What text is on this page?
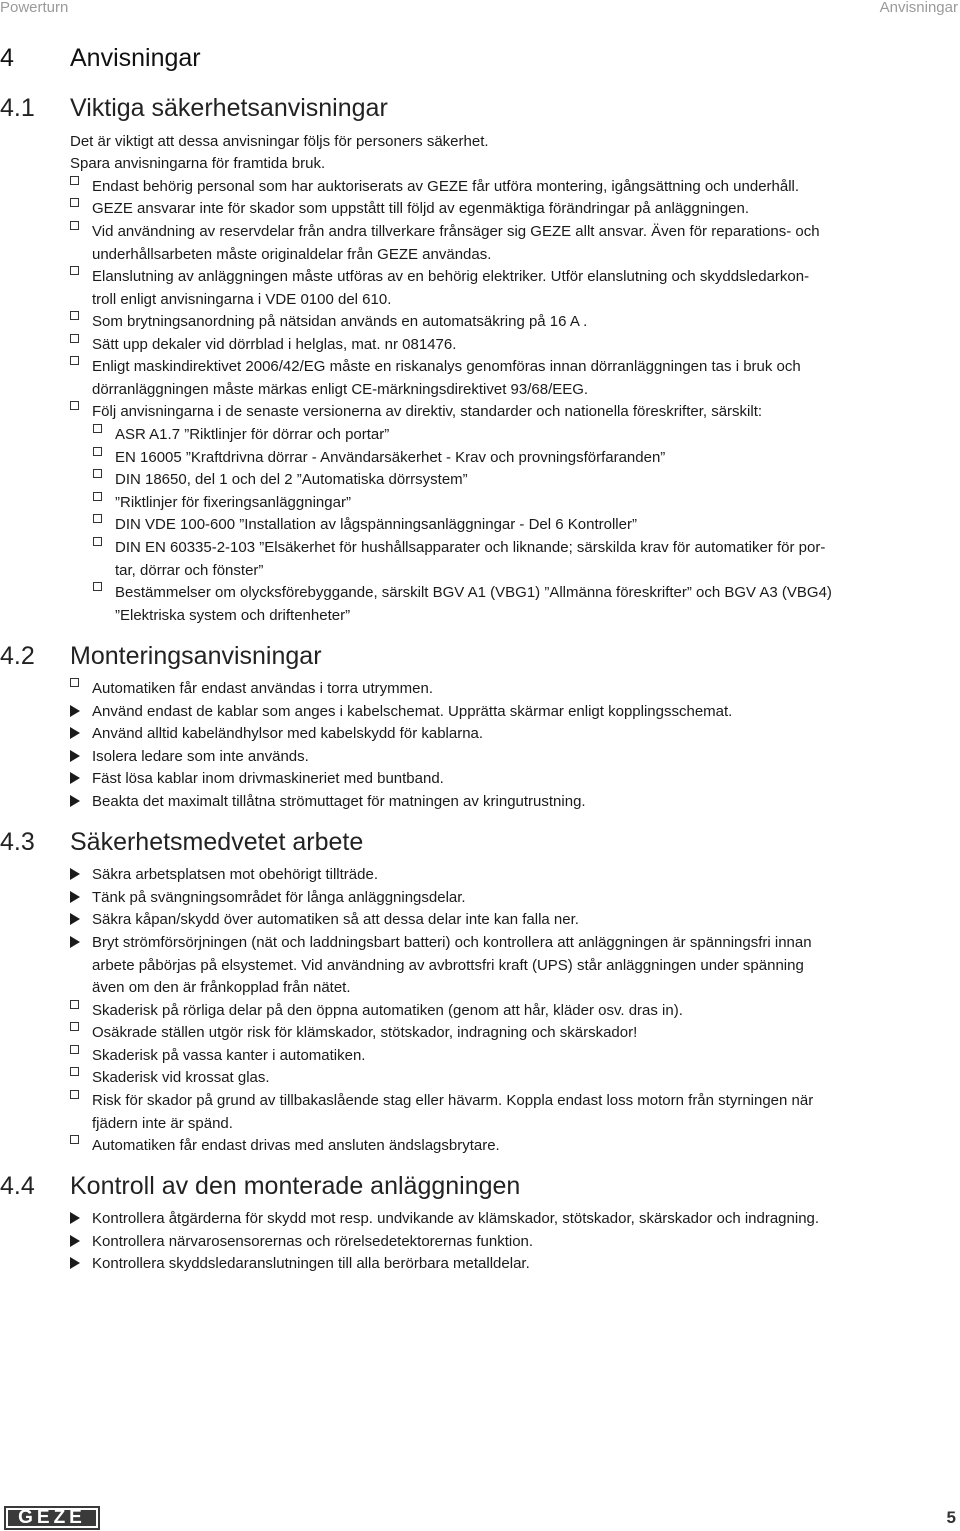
Powerturn	Anvisningar
4 Anvisningar
4.1 Viktiga säkerhetsanvisningar
Det är viktigt att dessa anvisningar följs för personers säkerhet.
Spara anvisningarna för framtida bruk.
Endast behörig personal som har auktoriserats av GEZE får utföra montering, igångsättning och underhåll.
GEZE ansvarar inte för skador som uppstått till följd av egenmäktiga förändringar på anläggningen.
Vid användning av reservdelar från andra tillverkare frånsäger sig GEZE allt ansvar. Även för reparations- och
underhållsarbeten måste originaldelar från GEZE användas.
Elanslutning av anläggningen måste utföras av en behörig elektriker. Utför elanslutning och skyddsledarkon-
troll enligt anvisningarna i VDE 0100 del 610.
Som brytningsanordning på nätsidan används en automatsäkring på 16 A .
Sätt upp dekaler vid dörrblad i helglas, mat. nr 081476.
Enligt maskindirektivet 2006/42/EG måste en riskanalys genomföras innan dörranläggningen tas i bruk och
dörranläggningen måste märkas enligt CE-märkningsdirektivet 93/68/EEG.
Följ anvisningarna i de senaste versionerna av direktiv, standarder och nationella föreskrifter, särskilt:
ASR A1.7 ”Riktlinjer för dörrar och portar”
EN 16005 ”Kraftdrivna dörrar - Användarsäkerhet - Krav och provningsförfaranden”
DIN 18650, del 1 och del 2 ”Automatiska dörrsystem”
”Riktlinjer för fixeringsanläggningar”
DIN VDE 100-600 ”Installation av lågspänningsanläggningar - Del 6 Kontroller”
DIN EN 60335-2-103 ”Elsäkerhet för hushållsapparater och liknande; särskilda krav för automatiker för por-
tar, dörrar och fönster”
Bestämmelser om olycksförebyggande, särskilt BGV A1 (VBG1) ”Allmänna föreskrifter” och BGV A3 (VBG4)
”Elektriska system och driftenheter”
4.2 Monteringsanvisningar
Automatiken får endast användas i torra utrymmen.
Använd endast de kablar som anges i kabelschemat. Upprätta skärmar enligt kopplingsschemat.
Använd alltid kabeländhylsor med kabelskydd för kablarna.
Isolera ledare som inte används.
Fäst lösa kablar inom drivmaskineriet med buntband.
Beakta det maximalt tillåtna strömuttaget för matningen av kringutrustning.
4.3 Säkerhetsmedvetet arbete
Säkra arbetsplatsen mot obehörigt tillträde.
Tänk på svängningsområdet för långa anläggningsdelar.
Säkra kåpan/skydd över automatiken så att dessa delar inte kan falla ner.
Bryt strömförsörjningen (nät och laddningsbart batteri) och kontrollera att anläggningen är spänningsfri innan
arbete påbörjas på elsystemet. Vid användning av avbrottsfri kraft (UPS) står anläggningen under spänning
även om den är frånkopplad från nätet.
Skaderisk på rörliga delar på den öppna automatiken (genom att hår, kläder osv. dras in).
Osäkrade ställen utgör risk för klämskador, stötskador, indragning och skärskador!
Skaderisk på vassa kanter i automatiken.
Skaderisk vid krossat glas.
Risk för skador på grund av tillbakaslående stag eller hävarm. Koppla endast loss motorn från styrningen när
fjädern inte är spänd.
Automatiken får endast drivas med ansluten ändslagsbrytare.
4.4 Kontroll av den monterade anläggningen
Kontrollera åtgärderna för skydd mot resp. undvikande av klämskador, stötskador, skärskador och indragning.
Kontrollera närvarosensorernas och rörelsedetektorernas funktion.
Kontrollera skyddsledaranslutningen till alla berörbara metalldelar.
GEZE	5
